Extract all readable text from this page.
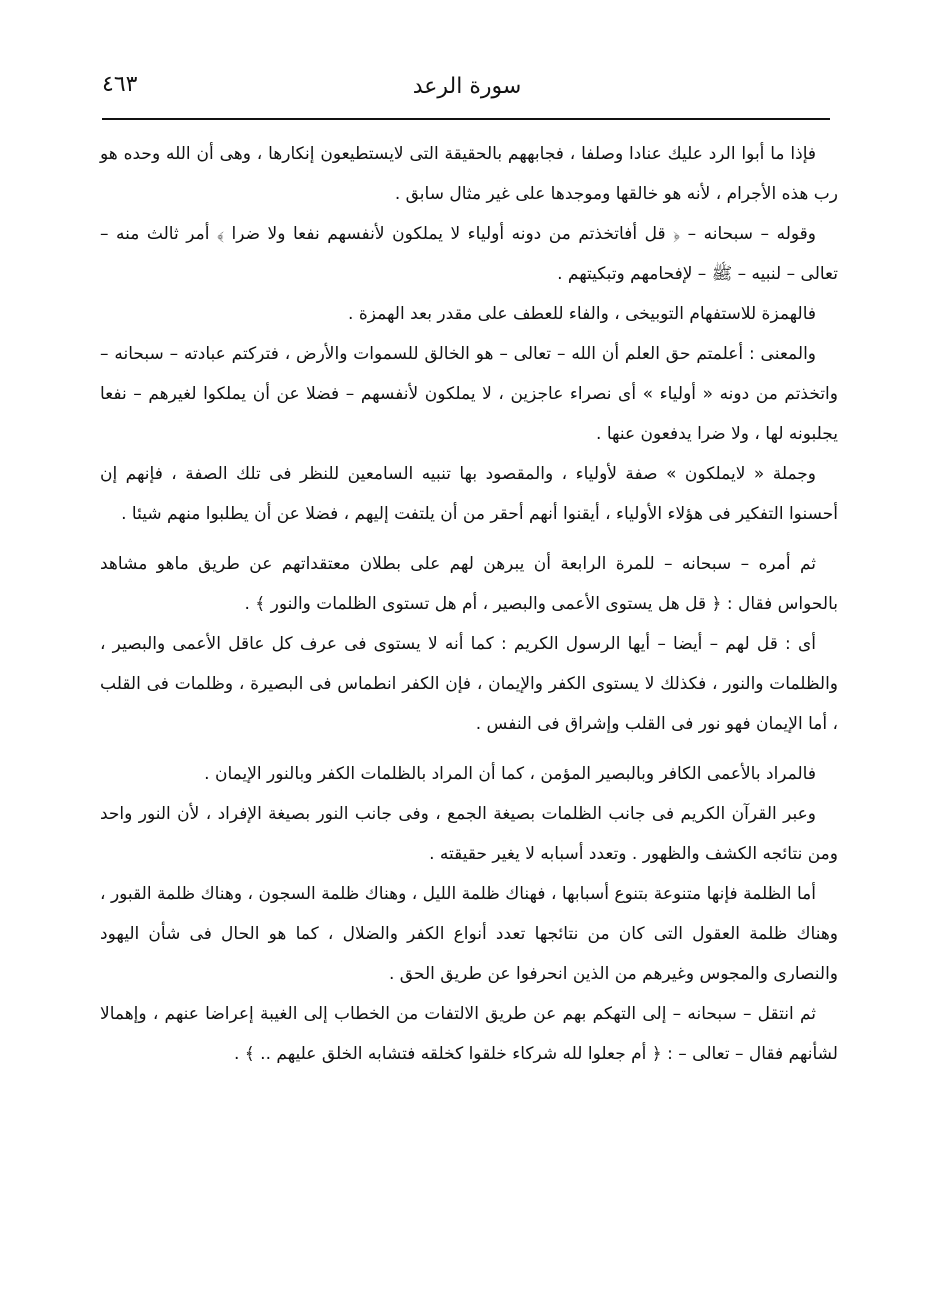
٤٦٣	سورة الرعد

فإذا ما أبوا الرد عليك عنادا وصلفا ، فجابههم بالحقيقة التى لايستطيعون إنكارها ، وهى أن الله وحده هو رب هذه الأجرام ، لأنه هو خالقها وموجدها على غير مثال سابق .

وقوله – سبحانه – ﴿ قل أفاتخذتم من دونه أولياء لا يملكون لأنفسهم نفعا ولا ضرا ﴾ أمر ثالث منه – تعالى – لنبيه – ﷺ – لإفحامهم وتبكيتهم .

فالهمزة للاستفهام التوبيخى ، والفاء للعطف على مقدر بعد الهمزة .

والمعنى : أعلمتم حق العلم أن الله – تعالى – هو الخالق للسموات والأرض ، فتركتم عبادته – سبحانه – واتخذتم من دونه « أولياء » أى نصراء عاجزين ، لا يملكون لأنفسهم – فضلا عن أن يملكوا لغيرهم – نفعا يجلبونه لها ، ولا ضرا يدفعون عنها .

وجملة « لايملكون » صفة لأولياء ، والمقصود بها تنبيه السامعين للنظر فى تلك الصفة ، فإنهم إن أحسنوا التفكير فى هؤلاء الأولياء ، أيقنوا أنهم أحقر من أن يلتفت إليهم ، فضلا عن أن يطلبوا منهم شيئا .

ثم أمره – سبحانه – للمرة الرابعة أن يبرهن لهم على بطلان معتقداتهم عن طريق ماهو مشاهد بالحواس فقال : ﴿ قل هل يستوى الأعمى والبصير ، أم هل تستوى الظلمات والنور ﴾ .

أى : قل لهم – أيضا – أيها الرسول الكريم : كما أنه لا يستوى فى عرف كل عاقل الأعمى والبصير ، والظلمات والنور ، فكذلك لا يستوى الكفر والإيمان ، فإن الكفر انطماس فى البصيرة ، وظلمات فى القلب ، أما الإيمان فهو نور فى القلب وإشراق فى النفس .

فالمراد بالأعمى الكافر وبالبصير المؤمن ، كما أن المراد بالظلمات الكفر وبالنور الإيمان .

وعبر القرآن الكريم فى جانب الظلمات بصيغة الجمع ، وفى جانب النور بصيغة الإفراد ، لأن النور واحد ومن نتائجه الكشف والظهور . وتعدد أسبابه لا يغير حقيقته .

أما الظلمة فإنها متنوعة بتنوع أسبابها ، فهناك ظلمة الليل ، وهناك ظلمة السجون ، وهناك ظلمة القبور ، وهناك ظلمة العقول التى كان من نتائجها تعدد أنواع الكفر والضلال ، كما هو الحال فى شأن اليهود والنصارى والمجوس وغيرهم من الذين انحرفوا عن طريق الحق .

ثم انتقل – سبحانه – إلى التهكم بهم عن طريق الالتفات من الخطاب إلى الغيبة إعراضا عنهم ، وإهمالا لشأنهم فقال – تعالى – : ﴿ أم جعلوا لله شركاء خلقوا كخلقه فتشابه الخلق عليهم .. ﴾ .
